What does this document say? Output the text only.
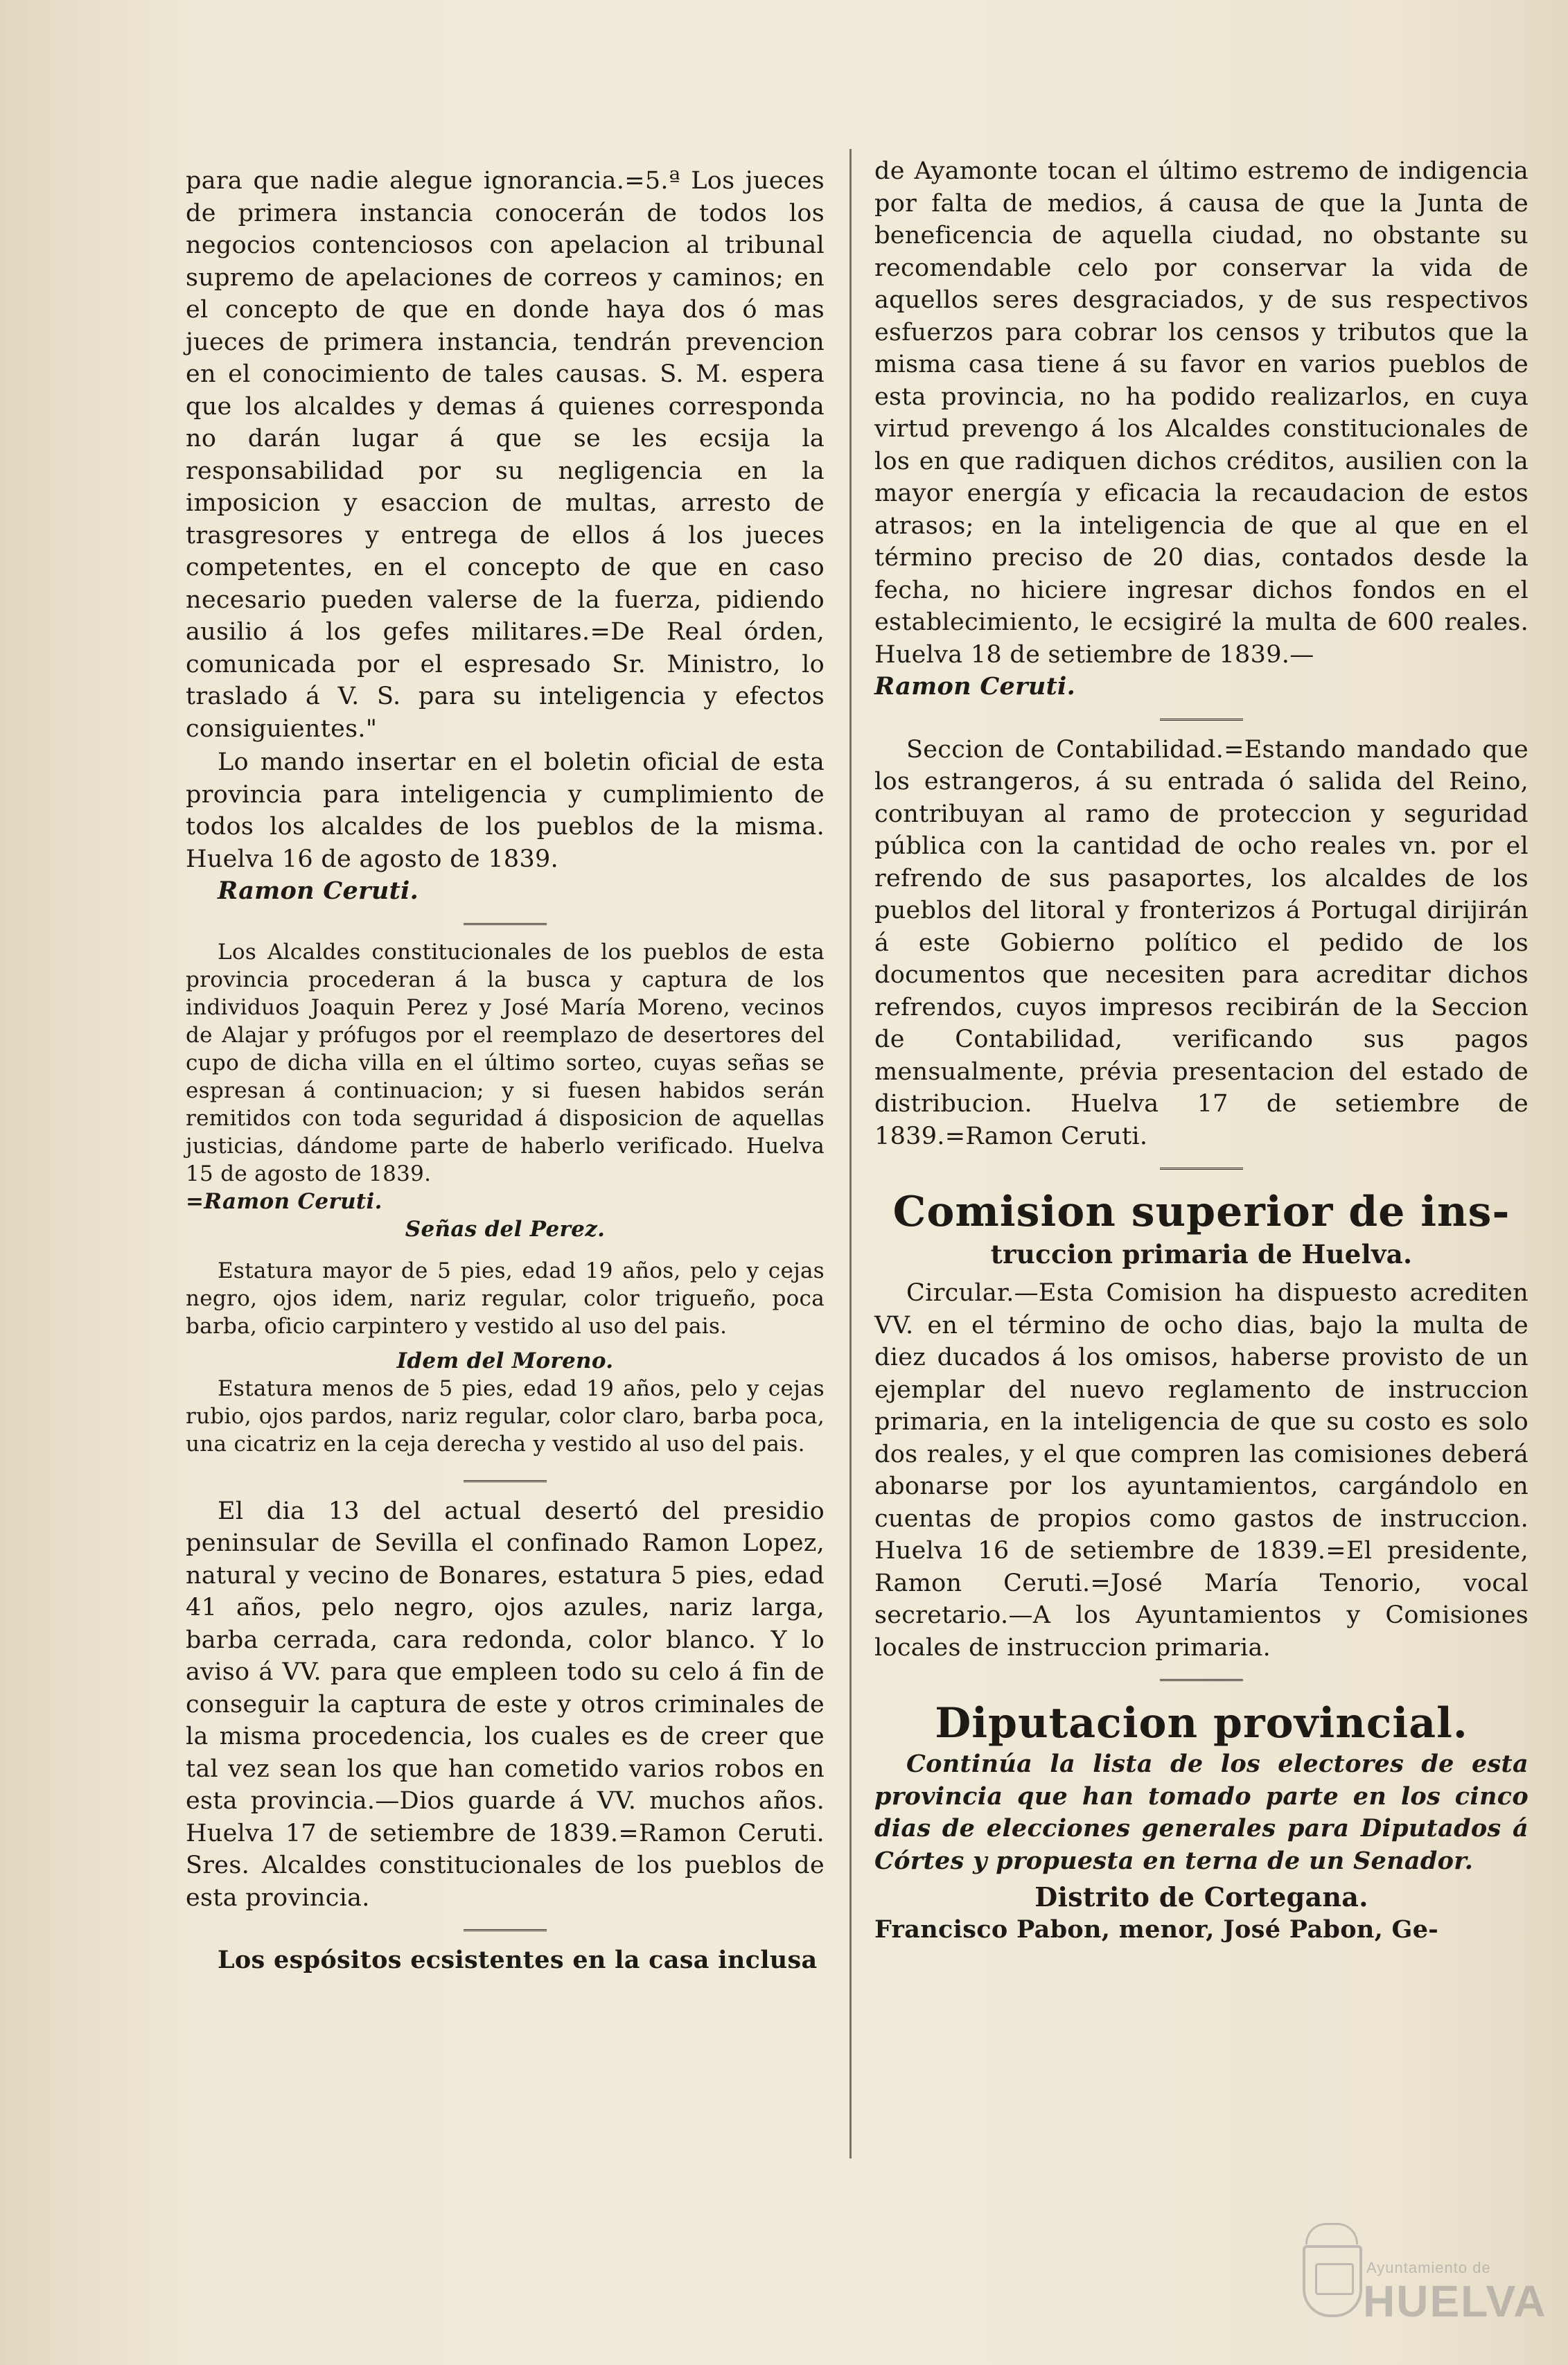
para que nadie alegue ignorancia.=5.ª Los jueces de primera instancia conocerán de todos los negocios contenciosos con apelacion al tribunal supremo de apelaciones de correos y caminos; en el concepto de que en donde haya dos ó mas jueces de primera instancia, tendrán prevencion en el conocimiento de tales causas. S. M. espera que los alcaldes y demas á quienes corresponda no darán lugar á que se les ecsija la responsabilidad por su negligencia en la imposicion y esaccion de multas, arresto de trasgresores y entrega de ellos á los jueces competentes, en el concepto de que en caso necesario pueden valerse de la fuerza, pidiendo ausilio á los gefes militares.=De Real órden, comunicada por el espresado Sr. Ministro, lo traslado á V. S. para su inteligencia y efectos consiguientes."

Lo mando insertar en el boletin oficial de esta provincia para inteligencia y cumplimiento de todos los alcaldes de los pueblos de la misma. Huelva 16 de agosto de 1839.
Ramon Ceruti.

Los Alcaldes constitucionales de los pueblos de esta provincia procederan á la busca y captura de los individuos Joaquin Perez y José María Moreno, vecinos de Alajar y prófugos por el reemplazo de desertores del cupo de dicha villa en el último sorteo, cuyas señas se espresan á continuacion; y si fuesen habidos serán remitidos con toda seguridad á disposicion de aquellas justicias, dándome parte de haberlo verificado. Huelva 15 de agosto de 1839.

=Ramon Ceruti.

Señas del Perez.

Estatura mayor de 5 pies, edad 19 años, pelo y cejas negro, ojos idem, nariz regular, color trigueño, poca barba, oficio carpintero y vestido al uso del pais.

Idem del Moreno.

Estatura menos de 5 pies, edad 19 años, pelo y cejas rubio, ojos pardos, nariz regular, color claro, barba poca, una cicatriz en la ceja derecha y vestido al uso del pais.

El dia 13 del actual desertó del presidio peninsular de Sevilla el confinado Ramon Lopez, natural y vecino de Bonares, estatura 5 pies, edad 41 años, pelo negro, ojos azules, nariz larga, barba cerrada, cara redonda, color blanco. Y lo aviso á VV. para que empleen todo su celo á fin de conseguir la captura de este y otros criminales de la misma procedencia, los cuales es de creer que tal vez sean los que han cometido varios robos en esta provincia.—Dios guarde á VV. muchos años. Huelva 17 de setiembre de 1839.=Ramon Ceruti. Sres. Alcaldes constitucionales de los pueblos de esta provincia.

Los espósitos ecsistentes en la casa inclusa

de Ayamonte tocan el último estremo de indigencia por falta de medios, á causa de que la Junta de beneficencia de aquella ciudad, no obstante su recomendable celo por conservar la vida de aquellos seres desgraciados, y de sus respectivos esfuerzos para cobrar los censos y tributos que la misma casa tiene á su favor en varios pueblos de esta provincia, no ha podido realizarlos, en cuya virtud prevengo á los Alcaldes constitucionales de los en que radiquen dichos créditos, ausilien con la mayor energía y eficacia la recaudacion de estos atrasos; en la inteligencia de que al que en el término preciso de 20 dias, contados desde la fecha, no hiciere ingresar dichos fondos en el establecimiento, le ecsigiré la multa de 600 reales. Huelva 18 de setiembre de 1839.—
Ramon Ceruti.

Seccion de Contabilidad.=Estando mandado que los estrangeros, á su entrada ó salida del Reino, contribuyan al ramo de proteccion y seguridad pública con la cantidad de ocho reales vn. por el refrendo de sus pasaportes, los alcaldes de los pueblos del litoral y fronterizos á Portugal dirijirán á este Gobierno político el pedido de los documentos que necesiten para acreditar dichos refrendos, cuyos impresos recibirán de la Seccion de Contabilidad, verificando sus pagos mensualmente, prévia presentacion del estado de distribucion. Huelva 17 de setiembre de 1839.=Ramon Ceruti.

Comision superior de ins-
truccion primaria de Huelva.

Circular.—Esta Comision ha dispuesto acrediten VV. en el término de ocho dias, bajo la multa de diez ducados á los omisos, haberse provisto de un ejemplar del nuevo reglamento de instruccion primaria, en la inteligencia de que su costo es solo dos reales, y el que compren las comisiones deberá abonarse por los ayuntamientos, cargándolo en cuentas de propios como gastos de instruccion. Huelva 16 de setiembre de 1839.=El presidente, Ramon Ceruti.=José María Tenorio, vocal secretario.—A los Ayuntamientos y Comisiones locales de instruccion primaria.

Diputacion provincial.

Continúa la lista de los electores de esta provincia que han tomado parte en los cinco dias de elecciones generales para Diputados á Córtes y propuesta en terna de un Senador.

Distrito de Cortegana.

Francisco Pabon, menor, José Pabon, Ge-

Ayuntamiento de
HUELVA
